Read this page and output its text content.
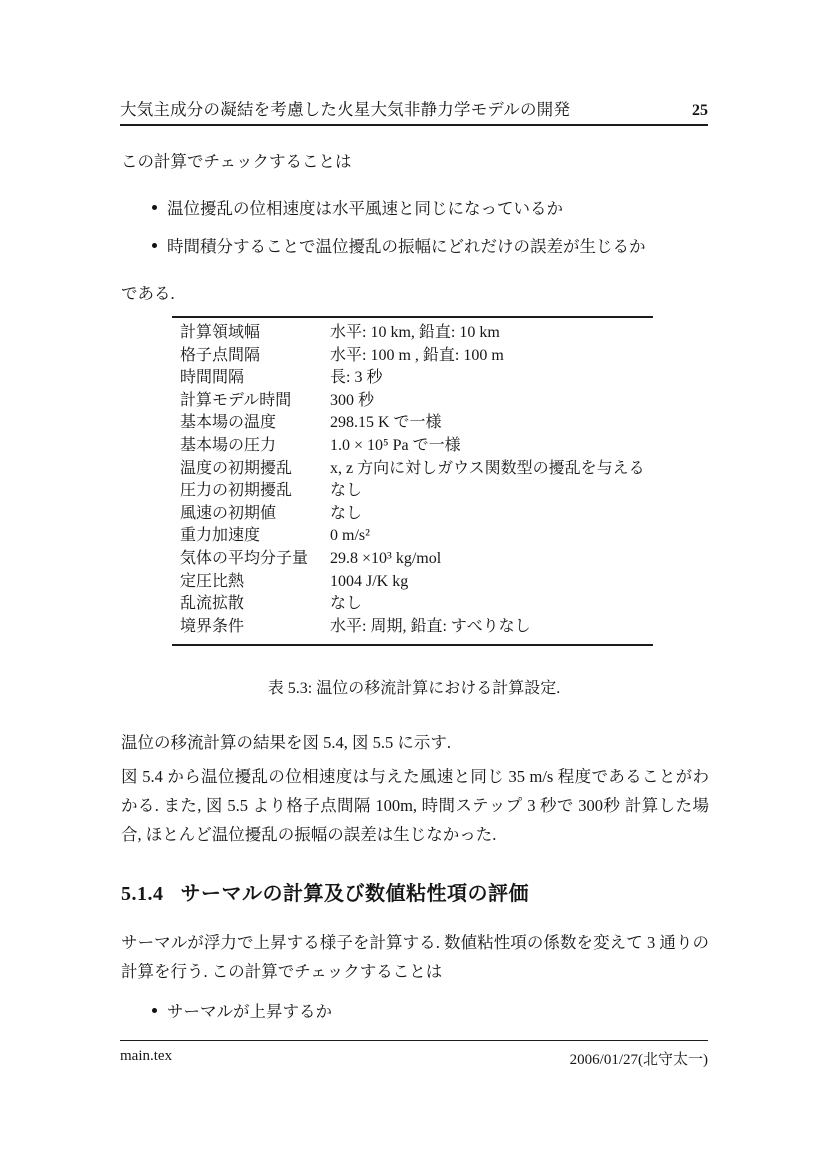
大気主成分の凝結を考慮した火星大気非静力学モデルの開発	25
この計算でチェックすることは
温位擾乱の位相速度は水平風速と同じになっているか
時間積分することで温位擾乱の振幅にどれだけの誤差が生じるか
である.
計算領域幅	水平: 10 km, 鉛直: 10 km
格子点間隔	水平: 100 m , 鉛直: 100 m
時間間隔	長: 3 秒
計算モデル時間	300 秒
基本場の温度	298.15 K で一様
基本場の圧力	1.0 × 10⁵ Pa で一様
温度の初期擾乱	x, z 方向に対しガウス関数型の擾乱を与える
圧力の初期擾乱	なし
風速の初期値	なし
重力加速度	0 m/s²
気体の平均分子量	29.8 ×10³ kg/mol
定圧比熱	1004 J/K kg
乱流拡散	なし
境界条件	水平: 周期, 鉛直: すべりなし
表 5.3: 温位の移流計算における計算設定.
温位の移流計算の結果を図 5.4, 図 5.5 に示す.
図 5.4 から温位擾乱の位相速度は与えた風速と同じ 35 m/s 程度であることがわかる. また, 図 5.5 より格子点間隔 100m, 時間ステップ 3 秒で 300秒 計算した場合, ほとんど温位擾乱の振幅の誤差は生じなかった.
5.1.4 サーマルの計算及び数値粘性項の評価
サーマルが浮力で上昇する様子を計算する. 数値粘性項の係数を変えて 3 通りの計算を行う. この計算でチェックすることは
サーマルが上昇するか
main.tex	2006/01/27(北守太一)
